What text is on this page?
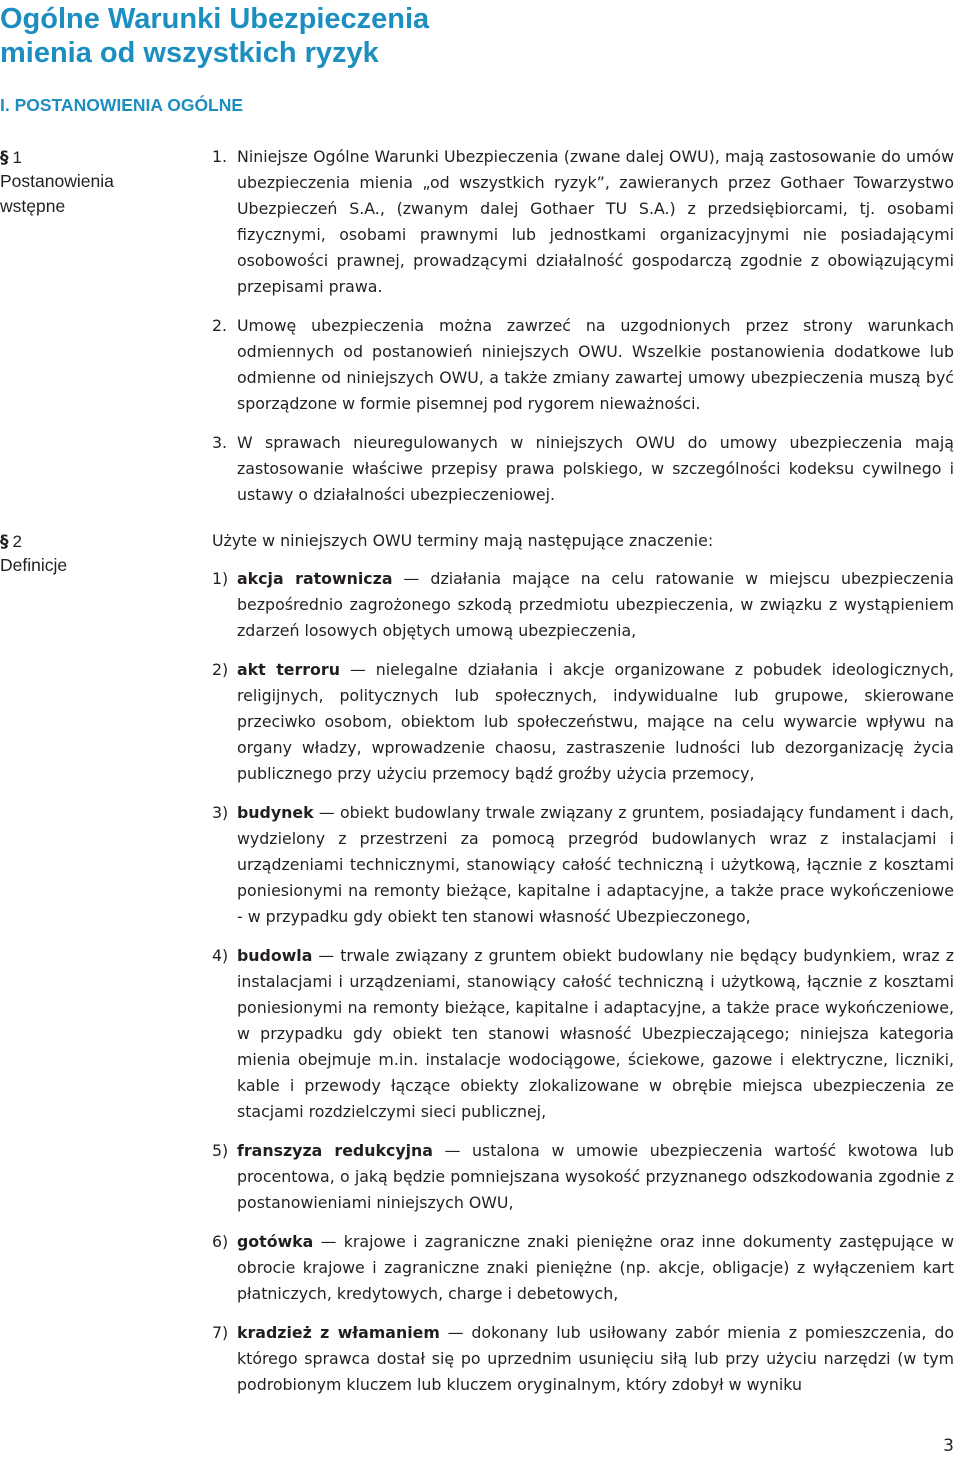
Ogólne Warunki Ubezpieczenia
mienia od wszystkich ryzyk
I. POSTANOWIENIA OGÓLNE
§ 1
Postanowienia
wstępne
1. Niniejsze Ogólne Warunki Ubezpieczenia (zwane dalej OWU), mają zastosowanie do umów ubezpieczenia mienia „od wszystkich ryzyk”, zawieranych przez Gothaer Towarzystwo Ubezpieczeń S.A., (zwanym dalej Gothaer TU S.A.) z przedsiębiorcami, tj. osobami fizycznymi, osobami prawnymi lub jednostkami organizacyjnymi nie posiadającymi osobowości prawnej, prowadzącymi działalność gospodarczą zgodnie z obowiązującymi przepisami prawa.
2. Umowę ubezpieczenia można zawrzeć na uzgodnionych przez strony warunkach odmiennych od postanowień niniejszych OWU. Wszelkie postanowienia dodatkowe lub odmienne od niniejszych OWU, a także zmiany zawartej umowy ubezpieczenia muszą być sporządzone w formie pisemnej pod rygorem nieważności.
3. W sprawach nieuregulowanych w niniejszych OWU do umowy ubezpieczenia mają zastosowanie właściwe przepisy prawa polskiego, w szczególności kodeksu cywilnego i ustawy o działalności ubezpieczeniowej.
§ 2
Definicje
Użyte w niniejszych OWU terminy mają następujące znaczenie:
1) akcja ratownicza — działania mające na celu ratowanie w miejscu ubezpieczenia bezpośrednio zagrożonego szkodą przedmiotu ubezpieczenia, w związku z wystąpieniem zdarzeń losowych objętych umową ubezpieczenia,
2) akt terroru — nielegalne działania i akcje organizowane z pobudek ideologicznych, religijnych, politycznych lub społecznych, indywidualne lub grupowe, skierowane przeciwko osobom, obiektom lub społeczeństwu, mające na celu wywarcie wpływu na organy władzy, wprowadzenie chaosu, zastraszenie ludności lub dezorganizację życia publicznego przy użyciu przemocy bądź groźby użycia przemocy,
3) budynek — obiekt budowlany trwale związany z gruntem, posiadający fundament i dach, wydzielony z przestrzeni za pomocą przegród budowlanych wraz z instalacjami i urządzeniami technicznymi, stanowiący całość techniczną i użytkową, łącznie z kosztami poniesionymi na remonty bieżące, kapitalne i adaptacyjne, a także prace wykończeniowe - w przypadku gdy obiekt ten stanowi własność Ubezpieczonego,
4) budowla — trwale związany z gruntem obiekt budowlany nie będący budynkiem, wraz z instalacjami i urządzeniami, stanowiący całość techniczną i użytkową, łącznie z kosztami poniesionymi na remonty bieżące, kapitalne i adaptacyjne, a także prace wykończeniowe, w przypadku gdy obiekt ten stanowi własność Ubezpieczającego; niniejsza kategoria mienia obejmuje m.in. instalacje wodociągowe, ściekowe, gazowe i elektryczne, liczniki, kable i przewody łączące obiekty zlokalizowane w obrębie miejsca ubezpieczenia ze stacjami rozdzielczymi sieci publicznej,
5) franszyza redukcyjna — ustalona w umowie ubezpieczenia wartość kwotowa lub procentowa, o jaką będzie pomniejszana wysokość przyznanego odszkodowania zgodnie z postanowieniami niniejszych OWU,
6) gotówka — krajowe i zagraniczne znaki pieniężne oraz inne dokumenty zastępujące w obrocie krajowe i zagraniczne znaki pieniężne (np. akcje, obligacje) z wyłączeniem kart płatniczych, kredytowych, charge i debetowych,
7) kradzież z włamaniem — dokonany lub usiłowany zabór mienia z pomieszczenia, do którego sprawca dostał się po uprzednim usunięciu siłą lub przy użyciu narzędzi (w tym podrobionym kluczem lub kluczem oryginalnym, który zdobył w wyniku
3
